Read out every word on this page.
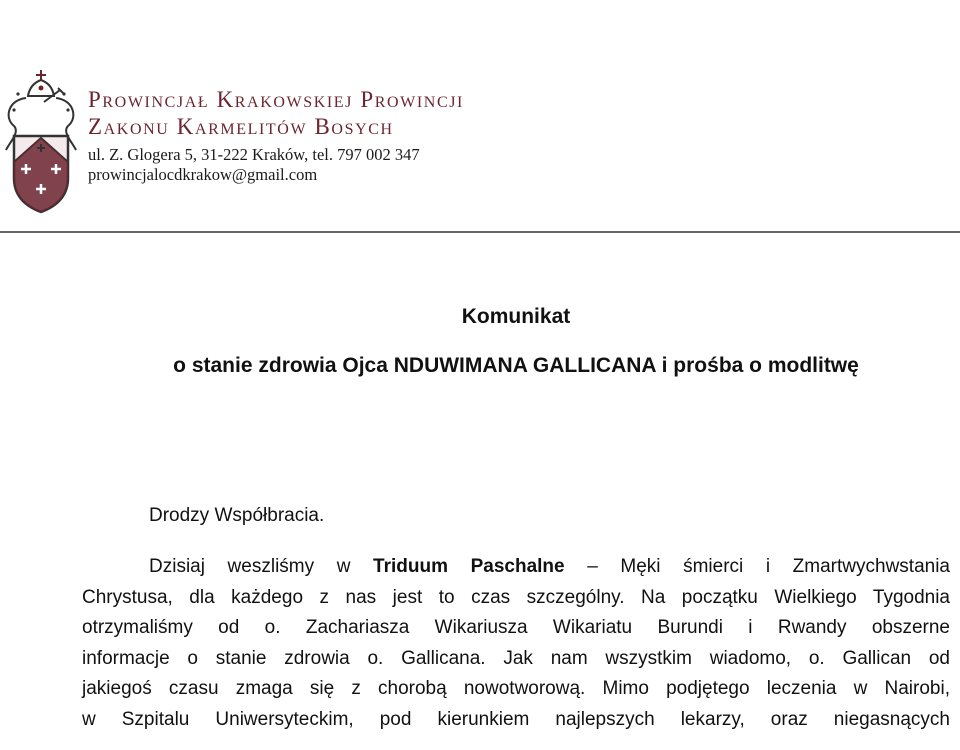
Prowincjał Krakowskiej Prowincji
Zakonu Karmelitów Bosych
ul. Z. Glogera 5, 31-222 Kraków, tel. 797 002 347
prowincjalocdkrakow@gmail.com
Komunikat
o stanie zdrowia Ojca NDUWIMANA GALLICANA i prośba o modlitwę
Drodzy Współbracia.
Dzisiaj weszliśmy w Triduum Paschalne – Męki śmierci i Zmartwychwstania
Chrystusa, dla każdego z nas jest to czas szczególny. Na początku Wielkiego Tygodnia
otrzymaliśmy od o. Zachariasza Wikariusza Wikariatu Burundi i Rwandy obszerne
informacje o stanie zdrowia o. Gallicana. Jak nam wszystkim wiadomo, o. Gallican od
jakiegoś czasu zmaga się z chorobą nowotworową. Mimo podjętego leczenia w Nairobi,
w Szpitalu Uniwersyteckim, pod kierunkiem najlepszych lekarzy, oraz niegasnących
